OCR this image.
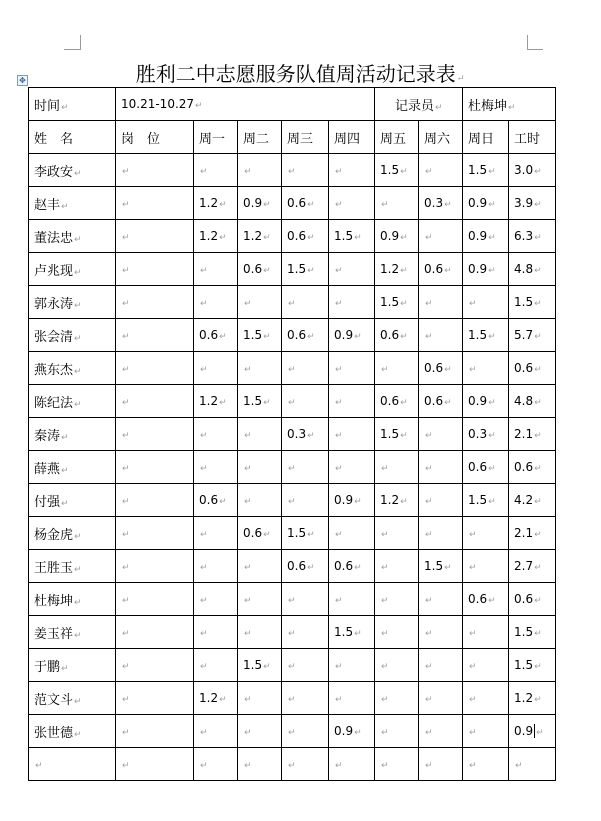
胜利二中志愿服务队值周活动记录表↵
✥
时间↵	10.21-10.27↵					记录员↵		杜梅坤↵	
姓　名	岗　位	周一	周二	周三	周四	周五	周六	周日	工时
李政安↵	↵	↵	↵	↵	↵	1.5↵	↵	1.5↵	3.0↵
赵丰↵	↵	1.2↵	0.9↵	0.6↵	↵	↵	0.3↵	0.9↵	3.9↵
董法忠↵	↵	1.2↵	1.2↵	0.6↵	1.5↵	0.9↵	↵	0.9↵	6.3↵
卢兆现↵	↵	↵	0.6↵	1.5↵	↵	1.2↵	0.6↵	0.9↵	4.8↵
郭永涛↵	↵	↵	↵	↵	↵	1.5↵	↵	↵	1.5↵
张会清↵	↵	0.6↵	1.5↵	0.6↵	0.9↵	0.6↵	↵	1.5↵	5.7↵
燕东杰↵	↵	↵	↵	↵	↵	↵	0.6↵	↵	0.6↵
陈纪法↵	↵	1.2↵	1.5↵	↵	↵	0.6↵	0.6↵	0.9↵	4.8↵
秦涛↵	↵	↵	↵	0.3↵	↵	1.5↵	↵	0.3↵	2.1↵
薛燕↵	↵	↵	↵	↵	↵	↵	↵	0.6↵	0.6↵
付强↵	↵	0.6↵	↵	↵	0.9↵	1.2↵	↵	1.5↵	4.2↵
杨金虎↵	↵	↵	0.6↵	1.5↵	↵	↵	↵	↵	2.1↵
王胜玉↵	↵	↵	↵	0.6↵	0.6↵	↵	1.5↵	↵	2.7↵
杜梅坤↵	↵	↵	↵	↵	↵	↵	↵	0.6↵	0.6↵
姜玉祥↵	↵	↵	↵	↵	1.5↵	↵	↵	↵	1.5↵
于鹏↵	↵	↵	1.5↵	↵	↵	↵	↵	↵	1.5↵
范文斗↵	↵	1.2↵	↵	↵	↵	↵	↵	↵	1.2↵
张世德↵	↵	↵	↵	↵	0.9↵	↵	↵	↵	0.9 ↵
↵	↵	↵	↵	↵	↵	↵	↵	↵	↵
